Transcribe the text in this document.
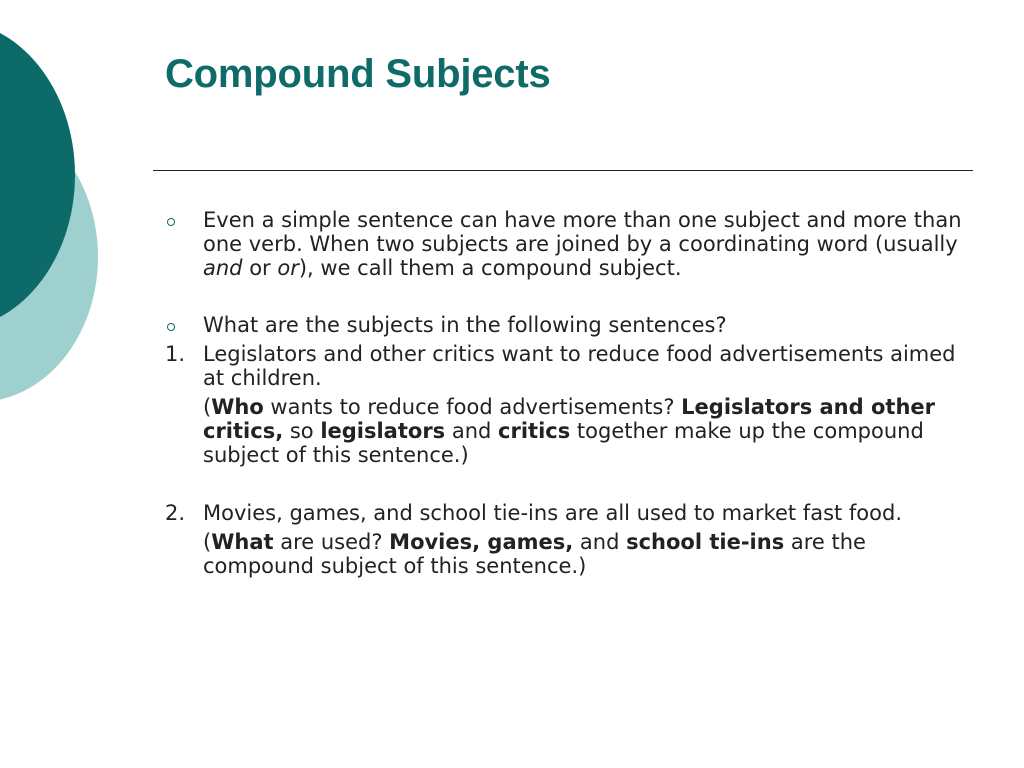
Compound Subjects
Even a simple sentence can have more than one subject and more than one verb. When two subjects are joined by a coordinating word (usually and or or), we call them a compound subject.
What are the subjects in the following sentences?
1. Legislators and other critics want to reduce food advertisements aimed at children.
(Who wants to reduce food advertisements? Legislators and other critics, so legislators and critics together make up the compound subject of this sentence.)
2. Movies, games, and school tie-ins are all used to market fast food.
(What are used? Movies, games, and school tie-ins are the compound subject of this sentence.)
